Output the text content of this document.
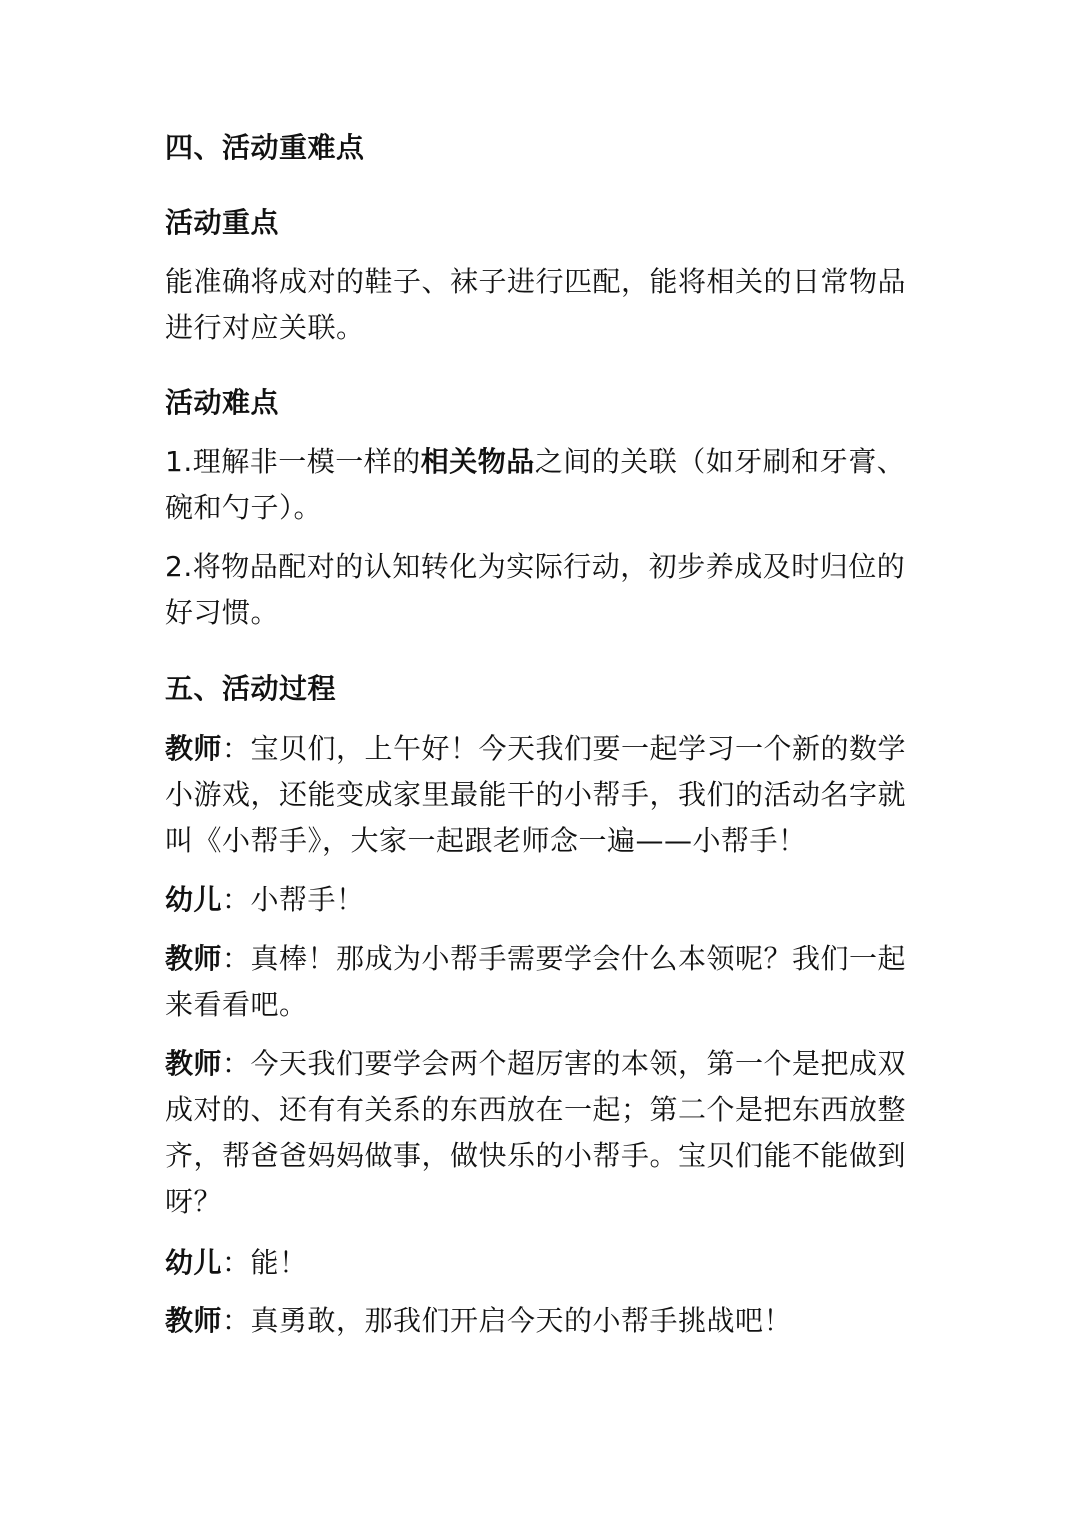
四、活动重难点
活动重点

能准确将成对的鞋子、袜子进行匹配，能将相关的日常物品进行对应关联。

活动难点

1.理解非一模一样的相关物品之间的关联（如牙刷和牙膏、碗和勺子）。

2.将物品配对的认知转化为实际行动，初步养成及时归位的好习惯。

五、活动过程

教师：宝贝们，上午好！今天我们要一起学习一个新的数学小游戏，还能变成家里最能干的小帮手，我们的活动名字就叫《小帮手》，大家一起跟老师念一遍——小帮手！

幼儿：小帮手！

教师：真棒！那成为小帮手需要学会什么本领呢？我们一起来看看吧。

教师：今天我们要学会两个超厉害的本领，第一个是把成双成对的、还有有关系的东西放在一起；第二个是把东西放整齐，帮爸爸妈妈做事，做快乐的小帮手。宝贝们能不能做到呀？

幼儿：能！

教师：真勇敢，那我们开启今天的小帮手挑战吧！
